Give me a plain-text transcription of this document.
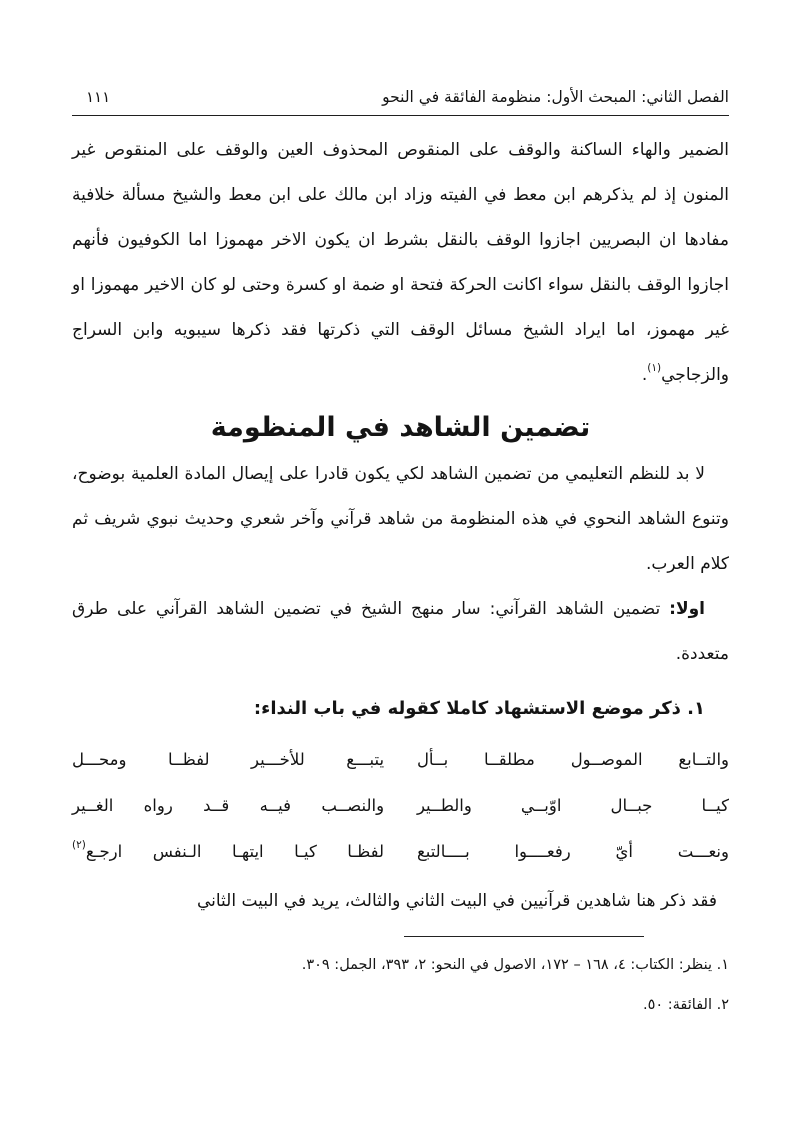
الفصل الثاني: المبحث الأول: منظومة الفائقة في النحو
١١١

الضمير والهاء الساكنة والوقف على المنقوص المحذوف العين والوقف على المنقوص غير المنون إذ لم يذكرهم ابن معط في الفيته وزاد ابن مالك على ابن معط والشيخ مسألة خلافية مفادها ان البصريين اجازوا الوقف بالنقل بشرط ان يكون الاخر مهموزا اما الكوفيون فأنهم اجازوا الوقف بالنقل سواء اكانت الحركة فتحة او ضمة او كسرة وحتى لو كان الاخير مهموزا او غير مهموز، اما ايراد الشيخ مسائل الوقف التي ذكرتها فقد ذكرها سيبويه وابن السراج والزجاجي$^{(١)}$.

تضمين الشاهد في المنظومة

لا بد للنظم التعليمي من تضمين الشاهد لكي يكون قادرا على إيصال المادة العلمية بوضوح، وتنوع الشاهد النحوي في هذه المنظومة من شاهد قرآني وآخر شعري وحديث نبوي شريف ثم كلام العرب.

اولا: تضمين الشاهد القرآني: سار منهج الشيخ في تضمين الشاهد القرآني على طرق متعددة.

١. ذكر موضع الاستشهاد كاملا كقوله في باب النداء:
والتــابع الموصــول مطلقــا بــأل
يتبـــع للأخـــير لفظــا ومحـــل
كيــا جبــال اوّبــي والطــير
والنصــب فيــه قــد رواه الغــير
ونعـــت أيّ رفعــــوا بــــالتبع
لفظـا كيـا ايتهـا الـنفس ارجـع$^{(٢)}$

فقد ذكر هنا شاهدين قرآنيين في البيت الثاني والثالث، يريد في البيت الثاني

١. ينظر: الكتاب: ٤، ١٦٨ – ١٧٢، الاصول في النحو: ٢، ٣٩٣، الجمل: ٣٠٩.

٢. الفائقة: ٥٠.
